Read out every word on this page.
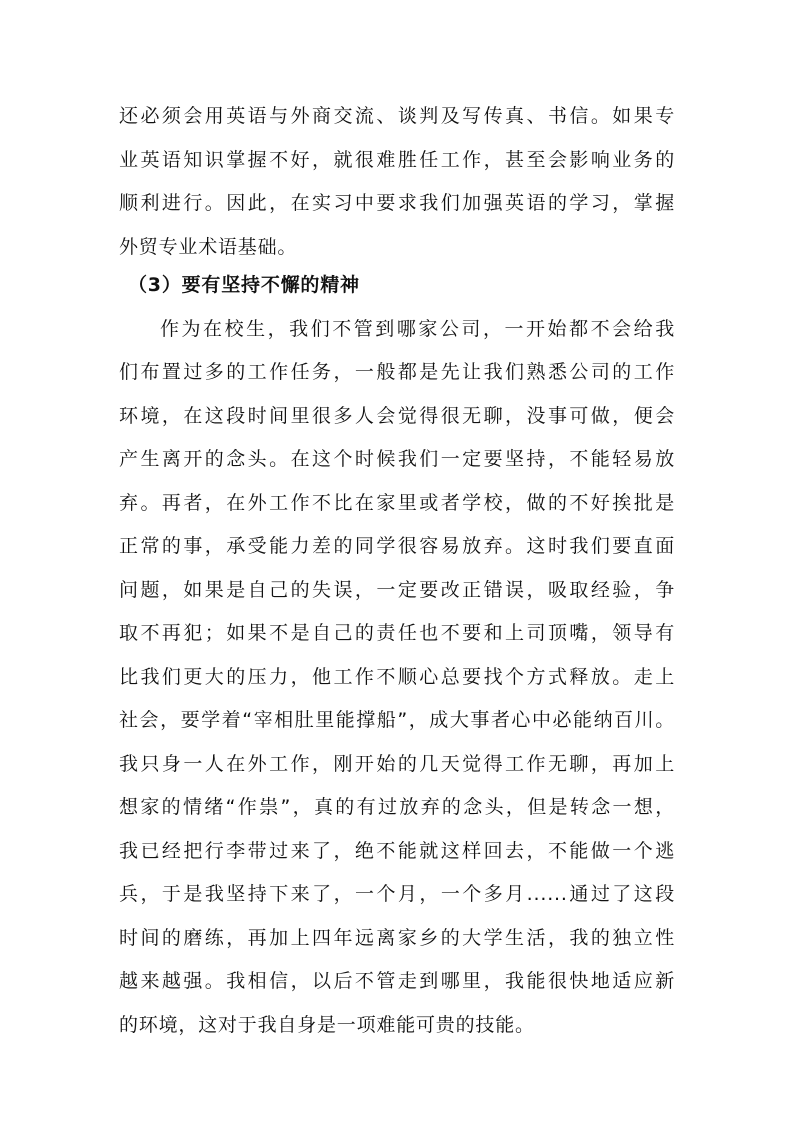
还必须会用英语与外商交流、谈判及写传真、书信。如果专
业英语知识掌握不好，就很难胜任工作，甚至会影响业务的
顺利进行。因此，在实习中要求我们加强英语的学习，掌握
外贸专业术语基础。
（3）要有坚持不懈的精神
作为在校生，我们不管到哪家公司，一开始都不会给我
们布置过多的工作任务，一般都是先让我们熟悉公司的工作
环境，在这段时间里很多人会觉得很无聊，没事可做，便会
产生离开的念头。在这个时候我们一定要坚持，不能轻易放
弃。再者，在外工作不比在家里或者学校，做的不好挨批是
正常的事，承受能力差的同学很容易放弃。这时我们要直面
问题，如果是自己的失误，一定要改正错误，吸取经验，争
取不再犯；如果不是自己的责任也不要和上司顶嘴，领导有
比我们更大的压力，他工作不顺心总要找个方式释放。走上
社会，要学着“宰相肚里能撑船”，成大事者心中必能纳百川。
我只身一人在外工作，刚开始的几天觉得工作无聊，再加上
想家的情绪“作祟”，真的有过放弃的念头，但是转念一想，
我已经把行李带过来了，绝不能就这样回去，不能做一个逃
兵，于是我坚持下来了，一个月，一个多月......通过了这段
时间的磨练，再加上四年远离家乡的大学生活，我的独立性
越来越强。我相信，以后不管走到哪里，我能很快地适应新
的环境，这对于我自身是一项难能可贵的技能。
